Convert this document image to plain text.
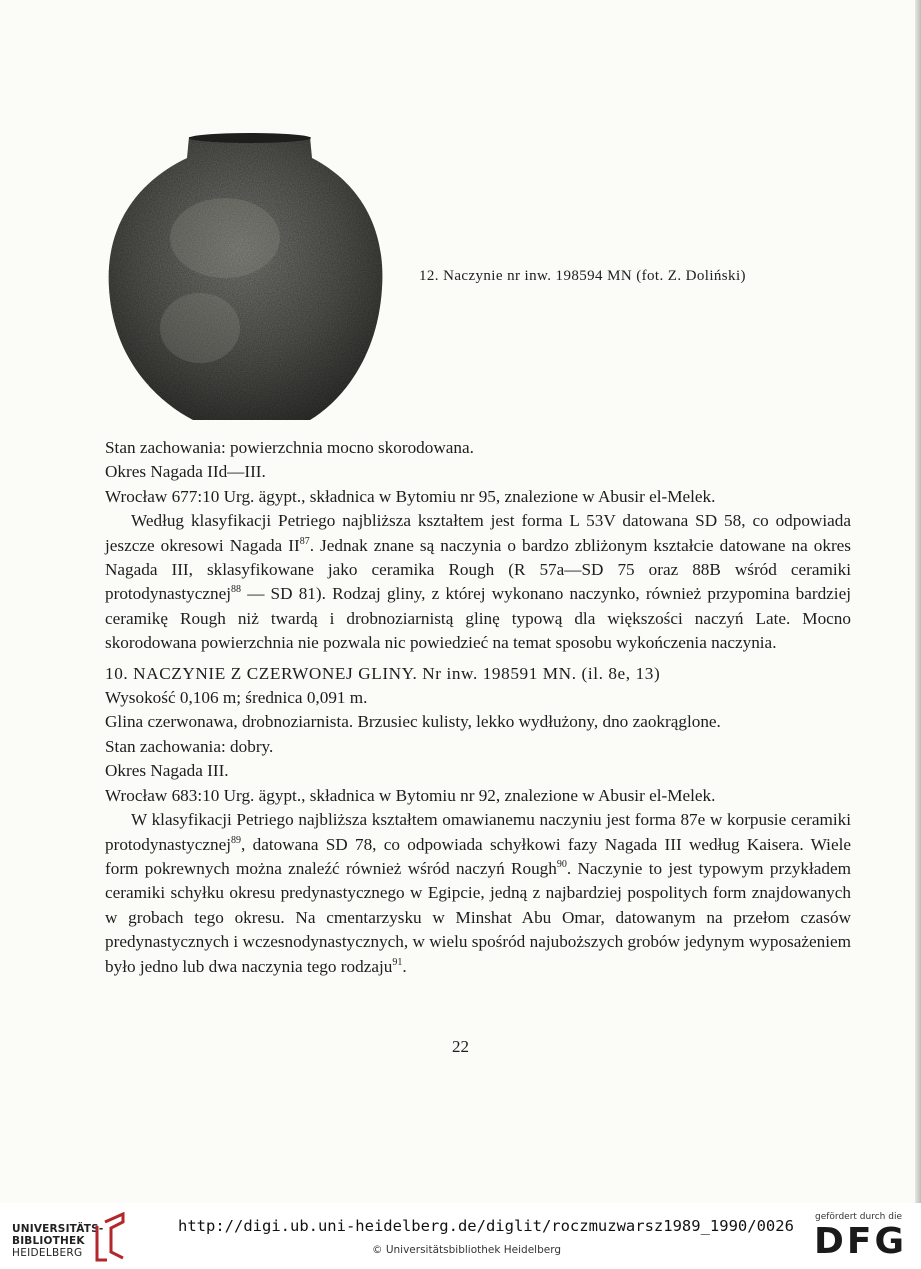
12. Naczynie nr inw. 198594 MN (fot. Z. Doliński)

Stan zachowania: powierzchnia mocno skorodowana.

Okres Nagada IId—III.

Wrocław 677:10 Urg. ägypt., składnica w Bytomiu nr 95, znalezione w Abusir el-Melek.

Według klasyfikacji Petriego najbliższa kształtem jest forma L 53V datowana SD 58, co odpowiada jeszcze okresowi Nagada II$^{87}$. Jednak znane są naczynia o bardzo zbliżonym kształcie datowane na okres Nagada III, sklasyfikowane jako ceramika Rough (R 57a—SD 75 oraz 88B wśród ceramiki protodynastycznej$^{88}$ — SD 81). Rodzaj gliny, z której wykonano naczynko, również przypomina bardziej ceramikę Rough niż twardą i drobnoziarnistą glinę typową dla większości naczyń Late. Mocno skorodowana powierzchnia nie pozwala nic powiedzieć na temat sposobu wykończenia naczynia.

10. NACZYNIE Z CZERWONEJ GLINY. Nr inw. 198591 MN. (il. 8e, 13)

Wysokość 0,106 m; średnica 0,091 m.

Glina czerwonawa, drobnoziarnista. Brzusiec kulisty, lekko wydłużony, dno zaokrąglone.

Stan zachowania: dobry.

Okres Nagada III.

Wrocław 683:10 Urg. ägypt., składnica w Bytomiu nr 92, znalezione w Abusir el-Melek.

W klasyfikacji Petriego najbliższa kształtem omawianemu naczyniu jest forma 87e w korpusie ceramiki protodynastycznej$^{89}$, datowana SD 78, co odpowiada schyłkowi fazy Nagada III według Kaisera. Wiele form pokrewnych można znaleźć również wśród naczyń Rough$^{90}$. Naczynie to jest typowym przykładem ceramiki schyłku okresu predynastycznego w Egipcie, jedną z najbardziej pospolitych form znajdowanych w grobach tego okresu. Na cmentarzysku w Minshat Abu Omar, datowanym na przełom czasów predynastycznych i wczesnodynastycznych, w wielu spośród najuboższych grobów jedynym wyposażeniem było jedno lub dwa naczynia tego rodzaju$^{91}$.

22
UNIVERSITÄTS-
BIBLIOTHEK
HEIDELBERG
http://digi.ub.uni-heidelberg.de/diglit/roczmuzwarsz1989_1990/0026
© Universitätsbibliothek Heidelberg
gefördert durch die
DFG
